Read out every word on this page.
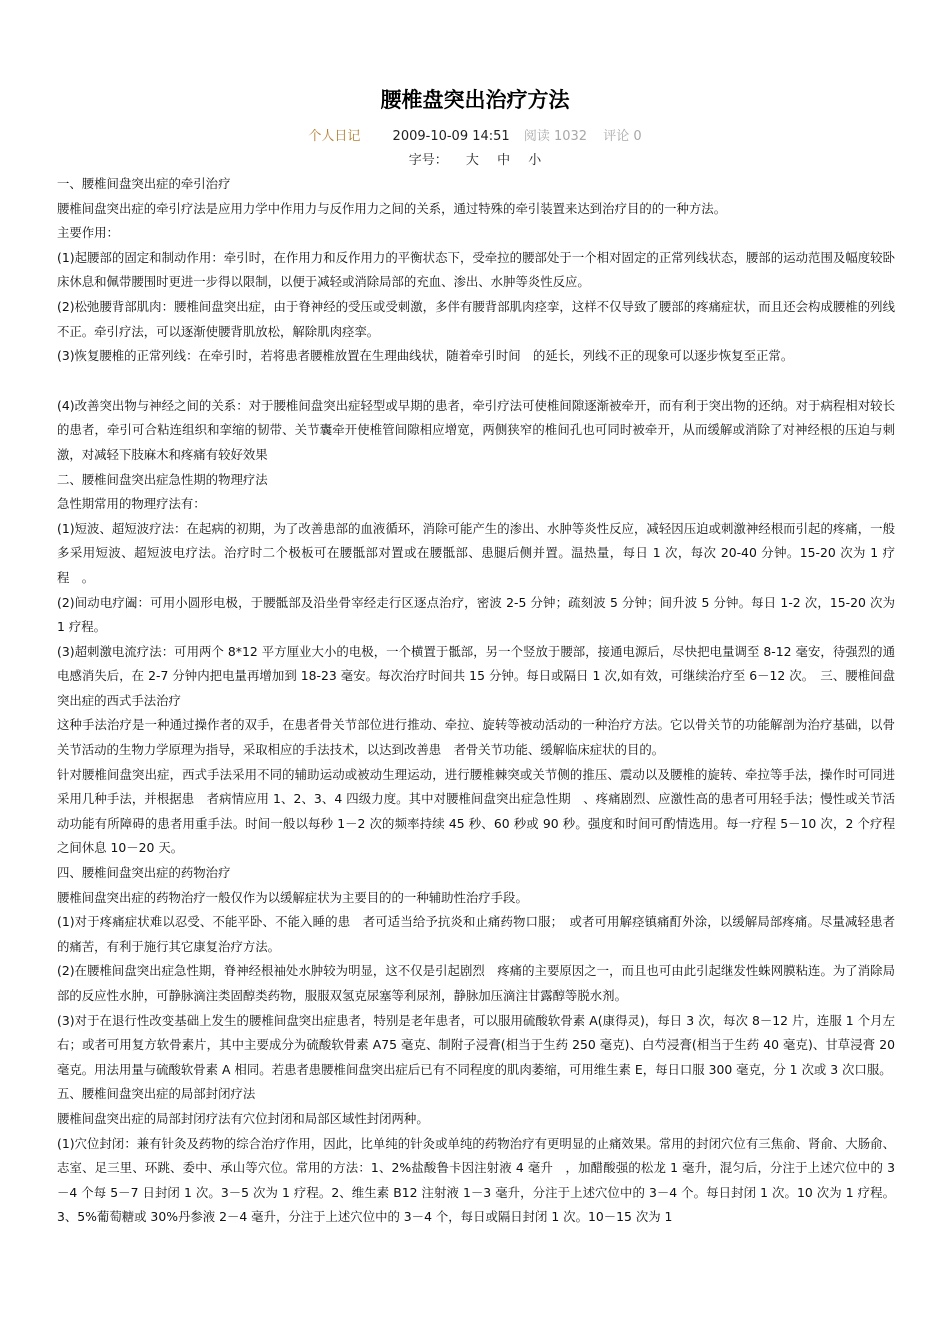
腰椎盘突出治疗方法
个人日记 2009-10-09 14:51 阅读 1032 评论 0
字号： 大 中 小

一、腰椎间盘突出症的牵引治疗

腰椎间盘突出症的牵引疗法是应用力学中作用力与反作用力之间的关系，通过特殊的牵引装置来达到治疗目的的一种方法。

主要作用：

(1)起腰部的固定和制动作用：牵引时，在作用力和反作用力的平衡状态下，受牵拉的腰部处于一个相对固定的正常列线状态，腰部的运动范围及幅度较卧床休息和佩带腰围时更进一步得以限制，以便于减轻或消除局部的充血、渗出、水肿等炎性反应。

(2)松弛腰背部肌肉：腰椎间盘突出症，由于脊神经的受压或受刺激，多伴有腰背部肌肉痉挛，这样不仅导致了腰部的疼痛症状，而且还会构成腰椎的列线不正。牵引疗法，可以逐渐使腰背肌放松，解除肌肉痉挛。

(3)恢复腰椎的正常列线：在牵引时，若将患者腰椎放置在生理曲线状，随着牵引时间　的延长，列线不正的现象可以逐步恢复至正常。

(4)改善突出物与神经之间的关系：对于腰椎间盘突出症轻型或早期的患者，牵引疗法可使椎间隙逐渐被牵开，而有利于突出物的还纳。对于病程相对较长的患者，牵引可合粘连组织和挛缩的韧带、关节囊牵开使椎管间隙相应增宽，两侧狭窄的椎间孔也可同时被牵开，从而缓解或消除了对神经根的压迫与刺激，对减轻下肢麻木和疼痛有较好效果

二、腰椎间盘突出症急性期的物理疗法

急性期常用的物理疗法有：

(1)短波、超短波疗法：在起病的初期，为了改善患部的血液循环，消除可能产生的渗出、水肿等炎性反应，减轻因压迫或刺激神经根而引起的疼痛，一般多采用短波、超短波电疗法。治疗时二个极板可在腰骶部对置或在腰骶部、患腿后侧并置。温热量，每日 1 次，每次 20-40 分钟。15-20 次为 1 疗程　。

(2)间动电疗阖：可用小圆形电极，于腰骶部及沿坐骨宰经走行区逐点治疗，密波 2-5 分钟；疏刻波 5 分钟；间升波 5 分钟。每日 1-2 次，15-20 次为 1 疗程。

(3)超刺激电流疗法：可用两个 8*12 平方厘业大小的电极，一个横置于骶部，另一个竖放于腰部，接通电源后，尽快把电量调至 8-12 毫安，待强烈的通电感消失后，在 2-7 分钟内把电量再增加到 18-23 毫安。每次治疗时间共 15 分钟。每日或隔日 1 次,如有效，可继续治疗至 6－12 次。　三、腰椎间盘突出症的西式手法治疗

这种手法治疗是一种通过操作者的双手，在患者骨关节部位进行推动、牵拉、旋转等被动活动的一种治疗方法。它以骨关节的功能解剖为治疗基础，以骨关节活动的生物力学原理为指导，采取相应的手法技术，以达到改善患　者骨关节功能、缓解临床症状的目的。

针对腰椎间盘突出症，西式手法采用不同的辅助运动或被动生理运动，进行腰椎棘突或关节侧的推压、震动以及腰椎的旋转、牵拉等手法，操作时可同进采用几种手法，并根据患　者病情应用 1、2、3、4 四级力度。其中对腰椎间盘突出症急性期　、疼痛剧烈、应激性高的患者可用轻手法；慢性或关节活动功能有所障碍的患者用重手法。时间一般以每秒 1－2 次的频率持续 45 秒、60 秒或 90 秒。强度和时间可酌情选用。每一疗程 5－10 次，2 个疗程之间休息 10－20 天。

四、腰椎间盘突出症的药物治疗

腰椎间盘突出症的药物治疗一般仅作为以缓解症状为主要目的的一种辅助性治疗手段。

(1)对于疼痛症状难以忍受、不能平卧、不能入睡的患　者可适当给予抗炎和止痛药物口服；　或者可用解痉镇痛酊外涂，以缓解局部疼痛。尽量减轻患者的痛苦，有利于施行其它康复治疗方法。

(2)在腰椎间盘突出症急性期，脊神经根袖处水肿较为明显，这不仅是引起剧烈　疼痛的主要原因之一，而且也可由此引起继发性蛛网膜粘连。为了消除局部的反应性水肿，可静脉滴注类固醇类药物，服服双氢克尿塞等利尿剂，静脉加压滴注甘露醇等脱水剂。

(3)对于在退行性改变基础上发生的腰椎间盘突出症患者，特别是老年患者，可以服用硫酸软骨素 A(康得灵)，每日 3 次，每次 8－12 片，连服 1 个月左右；或者可用复方软骨素片，其中主要成分为硫酸软骨素 A75 毫克、制附子浸膏(相当于生药 250 毫克)、白芍浸膏(相当于生药 40 毫克)、甘草浸膏 20 毫克。用法用量与硫酸软骨素 A 相同。若患者患腰椎间盘突出症后已有不同程度的肌肉萎缩，可用维生素 E，每日口服 300 毫克，分 1 次或 3 次口服。

五、腰椎间盘突出症的局部封闭疗法

腰椎间盘突出症的局部封闭疗法有穴位封闭和局部区域性封闭两种。

(1)穴位封闭：兼有针灸及药物的综合治疗作用，因此，比单纯的针灸或单纯的药物治疗有更明显的止痛效果。常用的封闭穴位有三焦俞、肾俞、大肠俞、志室、足三里、环跳、委中、承山等穴位。常用的方法：1、2%盐酸鲁卡因注射液 4 毫升　，加醋酸强的松龙 1 毫升，混匀后，分注于上述穴位中的 3－4 个每 5－7 日封闭 1 次。3－5 次为 1 疗程。2、维生素 B12 注射液 1－3 毫升，分注于上述穴位中的 3－4 个。每日封闭 1 次。10 次为 1 疗程。3、5%葡萄糖或 30%丹参液 2－4 毫升，分注于上述穴位中的 3－4 个，每日或隔日封闭 1 次。10－15 次为 1
